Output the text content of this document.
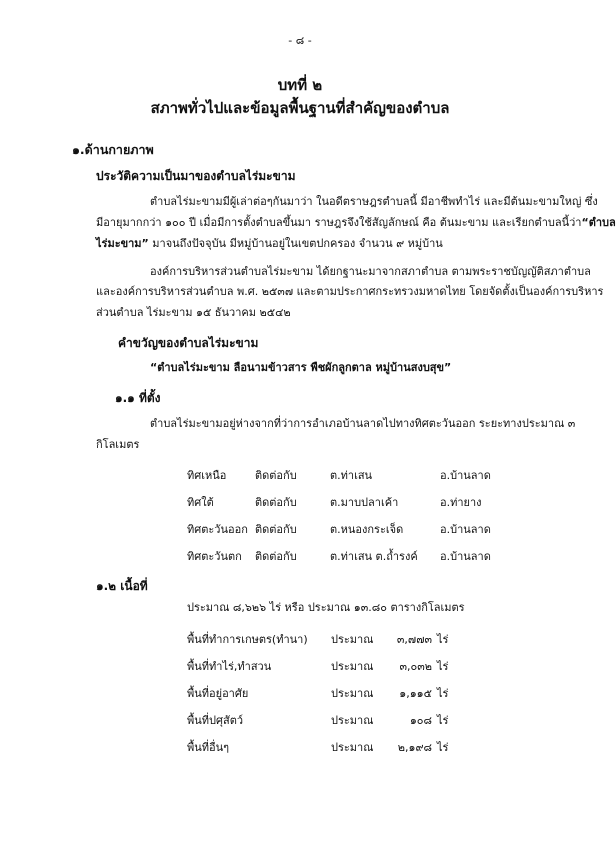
- ๘ -
บทที่ ๒
สภาพทั่วไปและข้อมูลพื้นฐานที่สำคัญของตำบล
๑.ด้านกายภาพ
ประวัติความเป็นมาของตำบลไร่มะขาม
ตำบลไร่มะขามมีผู้เล่าต่อๆกันมาว่า ในอดีตราษฎรตำบลนี้ มีอาชีพทำไร่ และมีต้นมะขามใหญ่ ซึ่ง
มีอายุมากกว่า ๑๐๐ ปี เมื่อมีการตั้งตำบลขึ้นมา ราษฎรจึงใช้สัญลักษณ์ คือ ต้นมะขาม และเรียกตำบลนี้ว่า“ตำบล
ไร่มะขาม” มาจนถึงปัจจุบัน มีหมู่บ้านอยู่ในเขตปกครอง จำนวน ๙ หมู่บ้าน
องค์การบริหารส่วนตำบลไร่มะขาม ได้ยกฐานะมาจากสภาตำบล ตามพระราชบัญญัติสภาตำบล
และองค์การบริหารส่วนตำบล พ.ศ. ๒๕๓๗ และตามประกาศกระทรวงมหาดไทย โดยจัดตั้งเป็นองค์การบริหาร
ส่วนตำบล ไร่มะขาม ๑๕ ธันวาคม ๒๕๔๒
คำขวัญของตำบลไร่มะขาม
“ตำบลไร่มะขาม ลือนามข้าวสาร พืชผักลูกตาล หมู่บ้านสงบสุข”
๑.๑ ที่ตั้ง
ตำบลไร่มะขามอยู่ห่างจากที่ว่าการอำเภอบ้านลาดไปทางทิศตะวันออก ระยะทางประมาณ ๓
กิโลเมตร
ทิศเหนือ	ติดต่อกับ	ต.ท่าเสน	อ.บ้านลาด
ทิศใต้	ติดต่อกับ	ต.มาบปลาเค้า	อ.ท่ายาง
ทิศตะวันออก ติดต่อกับ	ต.หนองกระเจ็ด	อ.บ้านลาด
ทิศตะวันตก ติดต่อกับ	ต.ท่าเสน ต.ถ้ำรงค์ อ.บ้านลาด
๑.๒ เนื้อที่
ประมาณ ๘,๖๒๖ ไร่ หรือ ประมาณ ๑๓.๘๐ ตารางกิโลเมตร
พื้นที่ทำการเกษตร(ทำนา) ประมาณ	๓,๗๗๓ ไร่
พื้นที่ทำไร่,ทำสวน	ประมาณ	๓,๐๓๒ ไร่
พื้นที่อยู่อาศัย	ประมาณ	๑,๑๑๕ ไร่
พื้นที่ปศุสัตว์	ประมาณ	๑๐๘ ไร่
พื้นที่อื่นๆ	ประมาณ	๒,๑๙๘ ไร่
